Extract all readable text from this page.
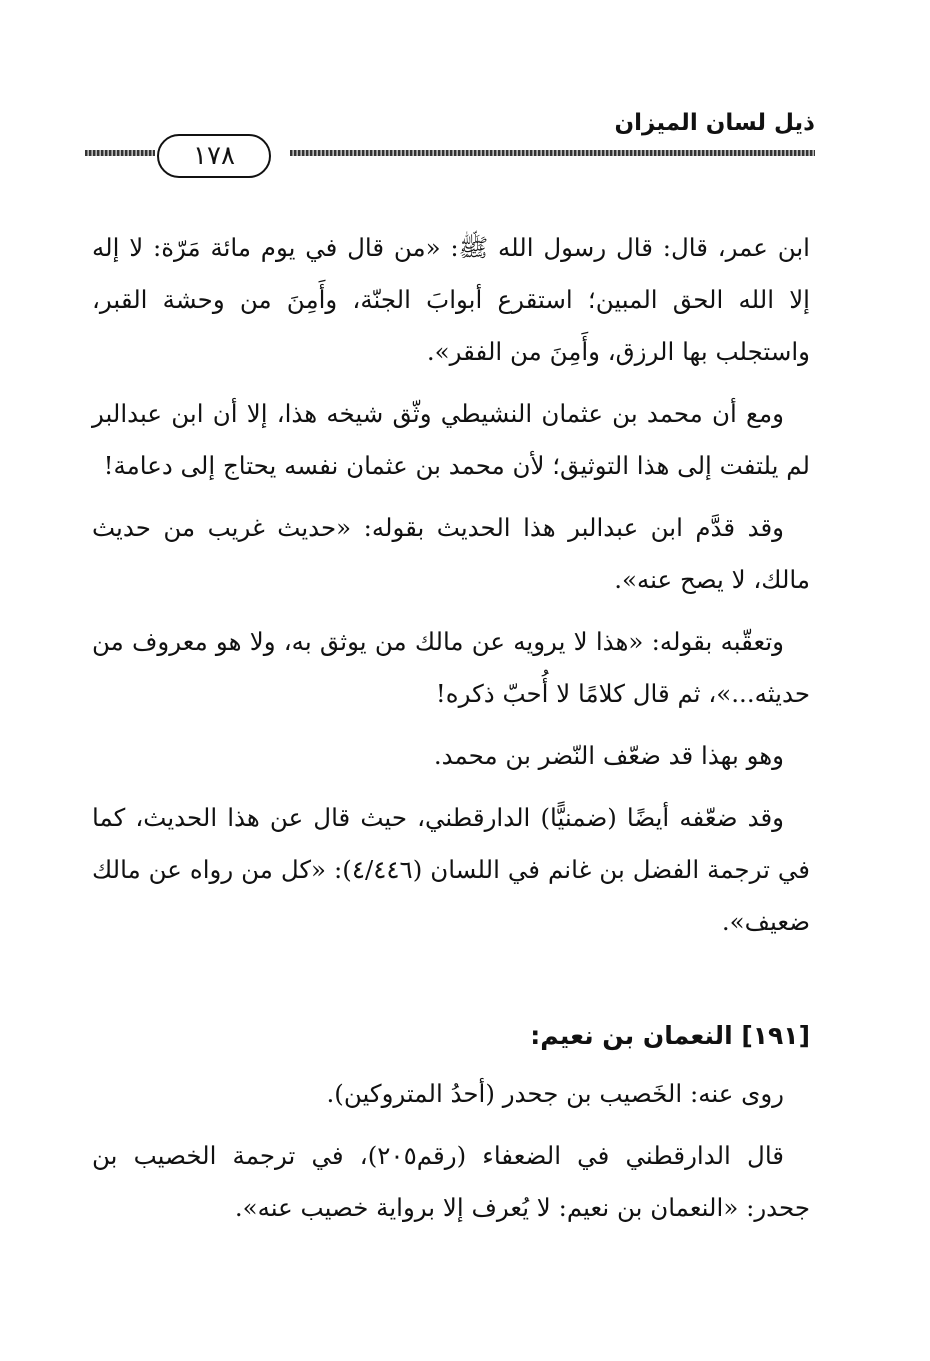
ذيل لسان الميزان
١٧٨

ابن عمر، قال: قال رسول الله ﷺ: «من قال في يوم مائة مَرّة: لا إله إلا الله الحق المبين؛ استقرع أبوابَ الجنّة، وأَمِنَ من وحشة القبر، واستجلب بها الرزق، وأَمِنَ من الفقر».

ومع أن محمد بن عثمان النشيطي وثّق شيخه هذا، إلا أن ابن عبدالبر لم يلتفت إلى هذا التوثيق؛ لأن محمد بن عثمان نفسه يحتاج إلى دعامة!

وقد قدَّم ابن عبدالبر هذا الحديث بقوله: «حديث غريب من حديث مالك، لا يصح عنه».

وتعقّبه بقوله: «هذا لا يرويه عن مالك من يوثق به، ولا هو معروف من حديثه...»، ثم قال كلامًا لا أُحبّ ذكره!

وهو بهذا قد ضعّف النّضر بن محمد.

وقد ضعّفه أيضًا (ضمنيًّا) الدارقطني، حيث قال عن هذا الحديث، كما في ترجمة الفضل بن غانم في اللسان (٤/٤٤٦): «كل من رواه عن مالك ضعيف».

[١٩١] النعمان بن نعيم:

روى عنه: الخَصيب بن جحدر (أحدُ المتروكين).

قال الدارقطني في الضعفاء (رقم٢٠٥)، في ترجمة الخصيب بن جحدر: «النعمان بن نعيم: لا يُعرف إلا برواية خصيب عنه».
